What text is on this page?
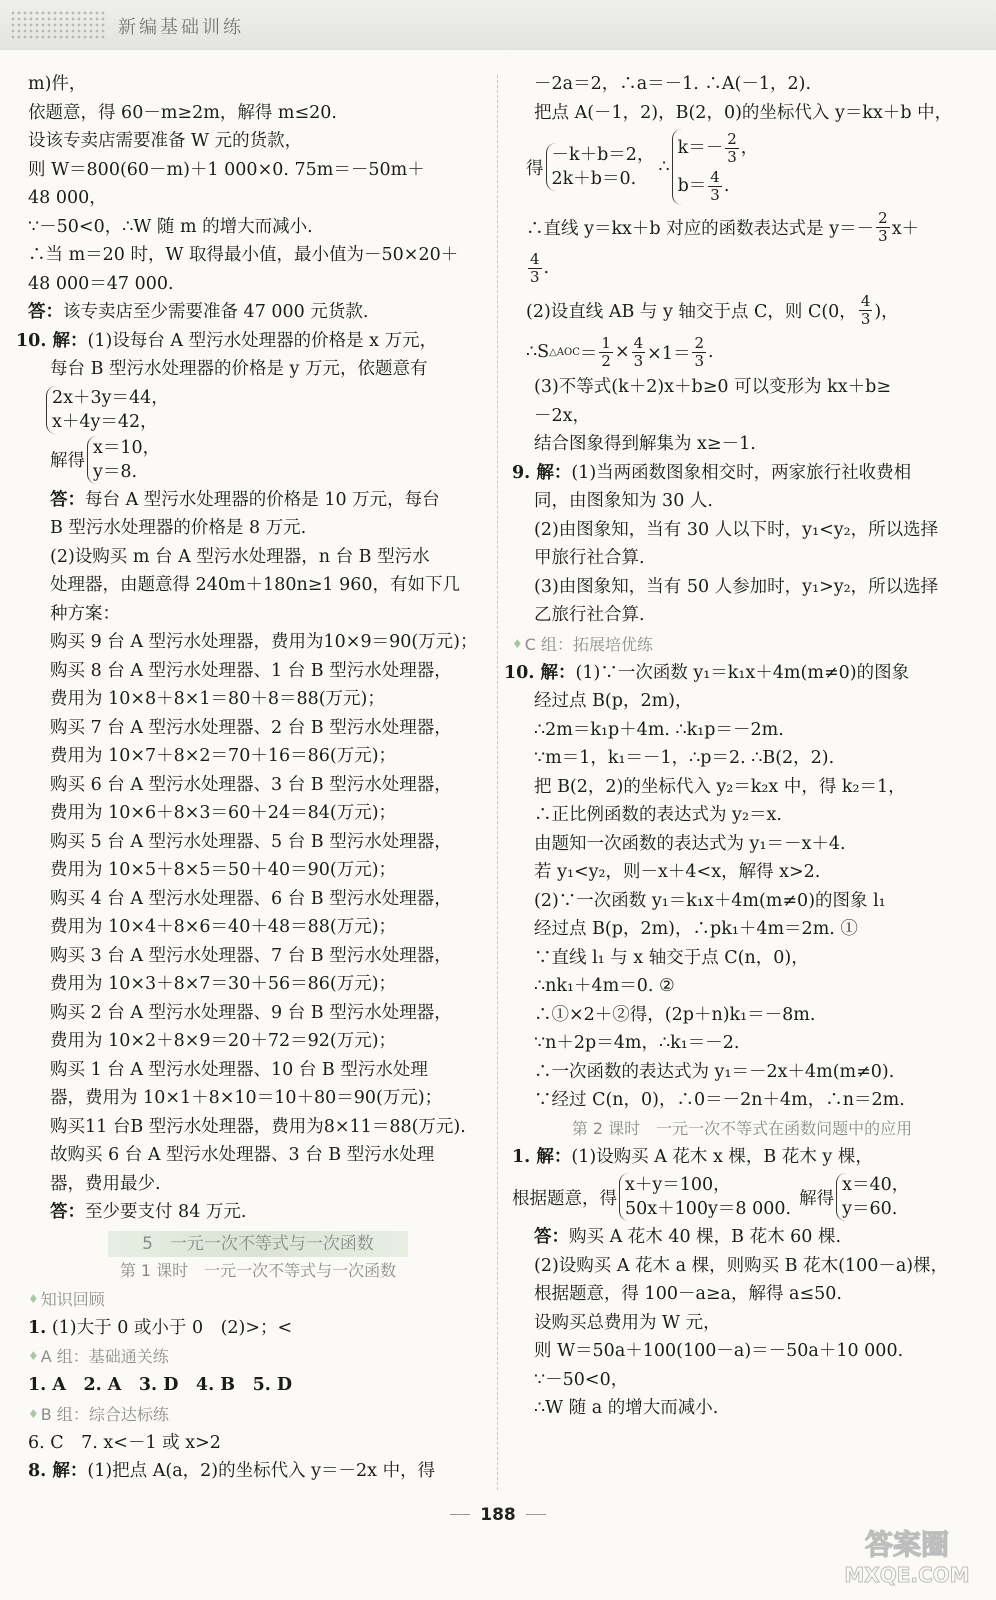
新编基础训练
m)件，
依题意，得 60－m≥2m，解得 m≤20.
设该专卖店需要准备 W 元的货款，
则 W＝800(60－m)＋1 000×0. 75m＝－50m＋
48 000，
∵－50<0，∴W 随 m 的增大而减小.
∴当 m＝20 时，W 取得最小值，最小值为－50×20＋
48 000＝47 000.
答：该专卖店至少需要准备 47 000 元货款.
10. 解：(1)设每台 A 型污水处理器的价格是 x 万元，
每台 B 型污水处理器的价格是 y 万元，依题意有
2x＋3y＝44，
x＋4y＝42，
解得
x＝10，
y＝8.
答：每台 A 型污水处理器的价格是 10 万元，每台
B 型污水处理器的价格是 8 万元.
(2)设购买 m 台 A 型污水处理器，n 台 B 型污水
处理器，由题意得 240m＋180n≥1 960，有如下几
种方案：
购买 9 台 A 型污水处理器，费用为10×9＝90(万元)；
购买 8 台 A 型污水处理器、1 台 B 型污水处理器，
费用为 10×8＋8×1＝80＋8＝88(万元)；
购买 7 台 A 型污水处理器、2 台 B 型污水处理器，
费用为 10×7＋8×2＝70＋16＝86(万元)；
购买 6 台 A 型污水处理器、3 台 B 型污水处理器，
费用为 10×6＋8×3＝60＋24＝84(万元)；
购买 5 台 A 型污水处理器、5 台 B 型污水处理器，
费用为 10×5＋8×5＝50＋40＝90(万元)；
购买 4 台 A 型污水处理器、6 台 B 型污水处理器，
费用为 10×4＋8×6＝40＋48＝88(万元)；
购买 3 台 A 型污水处理器、7 台 B 型污水处理器，
费用为 10×3＋8×7＝30＋56＝86(万元)；
购买 2 台 A 型污水处理器、9 台 B 型污水处理器，
费用为 10×2＋8×9＝20＋72＝92(万元)；
购买 1 台 A 型污水处理器、10 台 B 型污水处理
器，费用为 10×1＋8×10＝10＋80＝90(万元)；
购买11 台B 型污水处理器，费用为8×11＝88(万元).
故购买 6 台 A 型污水处理器、3 台 B 型污水处理
器，费用最少.
答：至少要支付 84 万元.
5　一元一次不等式与一次函数
第 1 课时　一元一次不等式与一次函数
♦ 知识回顾
1. (1)大于 0 或小于 0　(2)>；<
♦ A 组：基础通关练
1. A　2. A　3. D　4. B　5. D
♦ B 组：综合达标练
6. C　7. x<－1 或 x>2
8. 解：(1)把点 A(a，2)的坐标代入 y＝－2x 中，得
－2a＝2，∴a＝－1. ∴A(－1，2).
把点 A(－1，2)，B(2，0)的坐标代入 y＝kx＋b 中，
得
－k＋b＝2，
2k＋b＝0.
∴
$k=- \frac{2}{3}$ ，
$b= \frac{4}{3}$ .
∴直线 y＝kx＋b 对应的函数表达式是 $y=- \frac{2}{3} x+$
$\frac{4}{3}$ .
(2)设直线 AB 与 y 轴交于点 C，则 C (0， $\frac{4}{3}$ )，
∴S △AOC ＝ $\frac{1}{2} \times \frac{4}{3} \times 1= \frac{2}{3}$ .
(3)不等式(k＋2)x＋b≥0 可以变形为 kx＋b≥
－2x，
结合图象得到解集为 x≥－1.
9. 解：(1)当两函数图象相交时，两家旅行社收费相
同，由图象知为 30 人.
(2)由图象知，当有 30 人以下时，y₁<y₂，所以选择
甲旅行社合算.
(3)由图象知，当有 50 人参加时，y₁>y₂，所以选择
乙旅行社合算.
♦ C 组：拓展培优练
10. 解：(1)∵一次函数 y₁＝k₁x＋4m(m≠0)的图象
经过点 B(p，2m)，
∴2m＝k₁p＋4m. ∴k₁p＝－2m.
∵m＝1，k₁＝－1，∴p＝2. ∴B(2，2).
把 B(2，2)的坐标代入 y₂＝k₂x 中，得 k₂＝1，
∴正比例函数的表达式为 y₂＝x.
由题知一次函数的表达式为 y₁＝－x＋4.
若 y₁<y₂，则－x＋4<x，解得 x>2.
(2)∵一次函数 y₁＝k₁x＋4m(m≠0)的图象 l₁
经过点 B(p，2m)，∴pk₁＋4m＝2m. ①
∵直线 l₁ 与 x 轴交于点 C(n，0)，
∴nk₁＋4m＝0. ②
∴①×2＋②得，(2p＋n)k₁＝－8m.
∵n＋2p＝4m，∴k₁＝－2.
∴一次函数的表达式为 y₁＝－2x＋4m(m≠0).
∵经过 C(n，0)，∴0＝－2n＋4m，∴n＝2m.
第 2 课时　一元一次不等式在函数问题中的应用
1. 解：(1)设购买 A 花木 x 棵，B 花木 y 棵，
根据题意，得
x＋y＝100，
50x＋100y＝8 000.
解得
x＝40，
y＝60.
答：购买 A 花木 40 棵，B 花木 60 棵.
(2)设购买 A 花木 a 棵，则购买 B 花木(100－a)棵，
根据题意，得 100－a≥a，解得 a≤50.
设购买总费用为 W 元，
则 W＝50a＋100(100－a)＝－50a＋10 000.
∵－50<0，
∴W 随 a 的增大而减小.
188
答案圈
MXQE.COM
